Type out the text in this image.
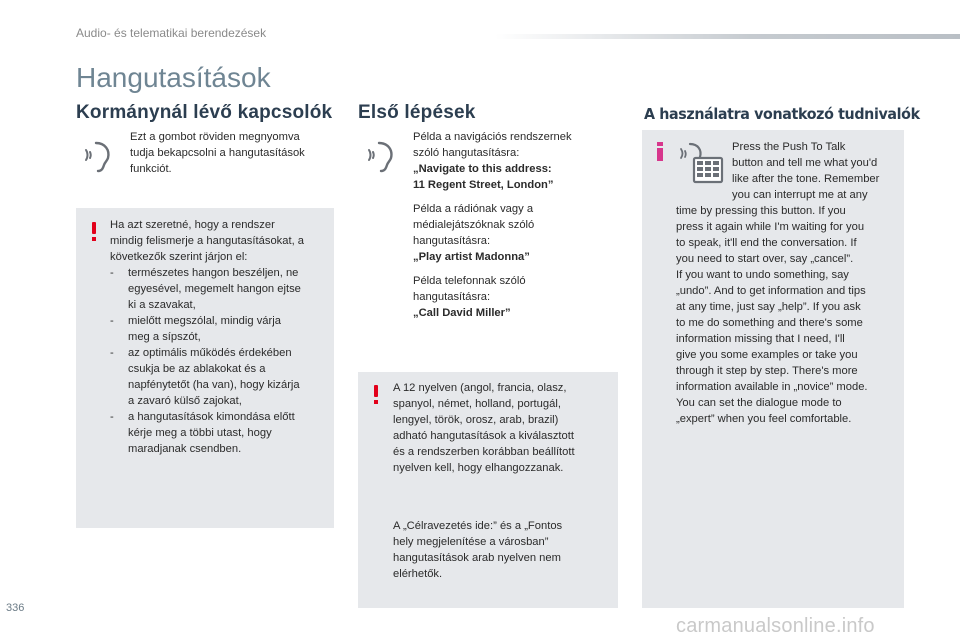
Audio- és telematikai berendezések
Hangutasítások
Kormánynál lévő kapcsolók
Ezt a gombot röviden megnyomva
tudja bekapcsolni a hangutasítások
funkciót.
Ha azt szeretné, hogy a rendszer
mindig felismerje a hangutasításokat, a
következők szerint járjon el:
- természetes hangon beszéljen, ne
egyesével, megemelt hangon ejtse
ki a szavakat,
- mielőtt megszólal, mindig várja
meg a sípszót,
- az optimális működés érdekében
csukja be az ablakokat és a
napfénytetőt (ha van), hogy kizárja
a zavaró külső zajokat,
- a hangutasítások kimondása előtt
kérje meg a többi utast, hogy
maradjanak csendben.
Első lépések
Példa a navigációs rendszernek
szóló hangutasításra:
„Navigate to this address:
11 Regent Street, London”
Példa a rádiónak vagy a
médialejátszóknak szóló
hangutasításra:
„Play artist Madonna”
Példa telefonnak szóló
hangutasításra:
„Call David Miller”
A 12 nyelven (angol, francia, olasz,
spanyol, német, holland, portugál,
lengyel, török, orosz, arab, brazil)
adható hangutasítások a kiválasztott
és a rendszerben korábban beállított
nyelven kell, hogy elhangozzanak.
A „Célravezetés ide:” és a „Fontos
hely megjelenítése a városban”
hangutasítások arab nyelven nem
elérhetők.
A használatra vonatkozó tudnivalók
Press the Push To Talk
button and tell me what you'd
like after the tone. Remember
you can interrupt me at any
time by pressing this button. If you
press it again while I'm waiting for you
to speak, it'll end the conversation. If
you need to start over, say „cancel”.
If you want to undo something, say
„undo”. And to get information and tips
at any time, just say „help”. If you ask
to me do something and there's some
information missing that I need, I'll
give you some examples or take you
through it step by step. There's more
information available in „novice” mode.
You can set the dialogue mode to
„expert” when you feel comfortable.
336
carmanualsonline.info
